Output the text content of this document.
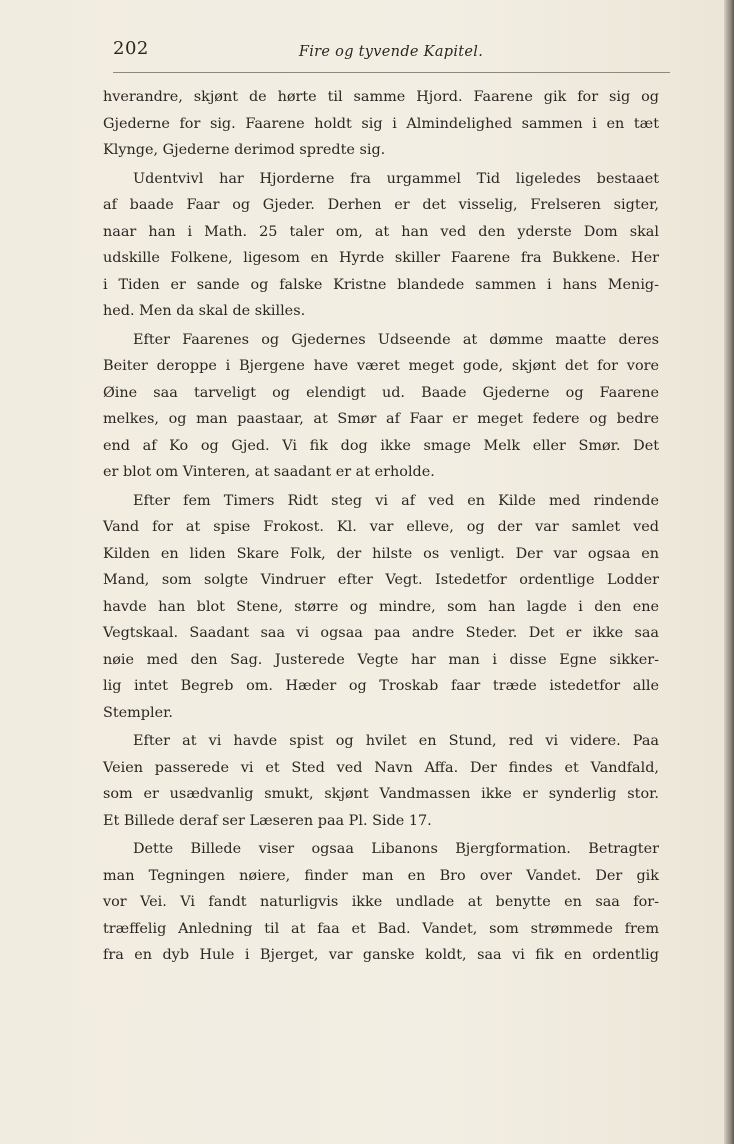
202	Fire og tyvende Kapitel.
hverandre, skjønt de hørte til samme Hjord. Faarene gik for sig og
Gjederne for sig. Faarene holdt sig i Almindelighed sammen i en tæt
Klynge, Gjederne derimod spredte sig.
Udentvivl har Hjorderne fra urgammel Tid ligeledes bestaaet
af baade Faar og Gjeder. Derhen er det visselig, Frelseren sigter,
naar han i Math. 25 taler om, at han ved den yderste Dom skal
udskille Folkene, ligesom en Hyrde skiller Faarene fra Bukkene. Her
i Tiden er sande og falske Kristne blandede sammen i hans Menig-
hed. Men da skal de skilles.
Efter Faarenes og Gjedernes Udseende at dømme maatte deres
Beiter deroppe i Bjergene have været meget gode, skjønt det for vore
Øine saa tarveligt og elendigt ud. Baade Gjederne og Faarene
melkes, og man paastaar, at Smør af Faar er meget federe og bedre
end af Ko og Gjed. Vi fik dog ikke smage Melk eller Smør. Det
er blot om Vinteren, at saadant er at erholde.
Efter fem Timers Ridt steg vi af ved en Kilde med rindende
Vand for at spise Frokost. Kl. var elleve, og der var samlet ved
Kilden en liden Skare Folk, der hilste os venligt. Der var ogsaa en
Mand, som solgte Vindruer efter Vegt. Istedetfor ordentlige Lodder
havde han blot Stene, større og mindre, som han lagde i den ene
Vegtskaal. Saadant saa vi ogsaa paa andre Steder. Det er ikke saa
nøie med den Sag. Justerede Vegte har man i disse Egne sikker-
lig intet Begreb om. Hæder og Troskab faar træde istedetfor alle
Stempler.
Efter at vi havde spist og hvilet en Stund, red vi videre. Paa
Veien passerede vi et Sted ved Navn Affa. Der findes et Vandfald,
som er usædvanlig smukt, skjønt Vandmassen ikke er synderlig stor.
Et Billede deraf ser Læseren paa Pl. Side 17.
Dette Billede viser ogsaa Libanons Bjergformation. Betragter
man Tegningen nøiere, finder man en Bro over Vandet. Der gik
vor Vei. Vi fandt naturligvis ikke undlade at benytte en saa for-
træffelig Anledning til at faa et Bad. Vandet, som strømmede frem
fra en dyb Hule i Bjerget, var ganske koldt, saa vi fik en ordentlig
